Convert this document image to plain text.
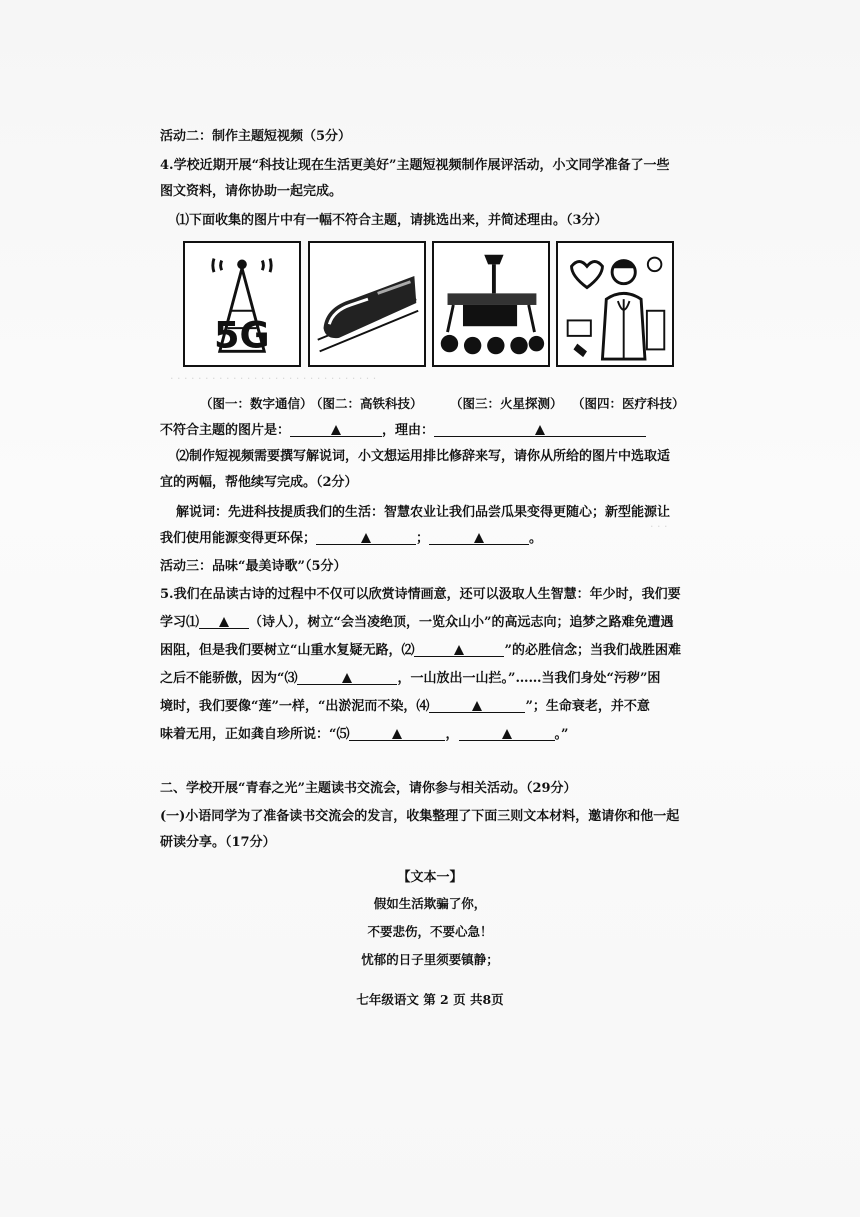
· · · · · · · · · · · · · · · · · · · · · · · · · · · · · ·
· · ·
活动二：制作主题短视频（5分）
4.学校近期开展“科技让现在生活更美好”主题短视频制作展评活动，小文同学准备了一些
图文资料，请你协助一起完成。
⑴下面收集的图片中有一幅不符合主题，请挑选出来，并简述理由。（3分）
5G
（图一：数字通信）
（图二：高铁科技） （图三：火星探测） （图四：医疗科技）
不符合主题的图片是：	，理由：
⑵制作短视频需要撰写解说词，小文想运用排比修辞来写，请你从所给的图片中选取适
宜的两幅，帮他续写完成。（2分）
解说词：先进科技提质我们的生活：智慧农业让我们品尝瓜果变得更随心；新型能源让
我们使用能源变得更环保；	；	。
活动三：品味“最美诗歌”（5分）
5.我们在品读古诗的过程中不仅可以欣赏诗情画意，还可以汲取人生智慧：年少时，我们要
学习⑴	（诗人），树立“会当凌绝顶，一览众山小”的高远志向；追梦之路难免遭遇
困阻，但是我们要树立“山重水复疑无路，⑵	”的必胜信念；当我们战胜困难
之后不能骄傲，因为“⑶	，一山放出一山拦。”……当我们身处“污秽”困
境时，我们要像“莲”一样，“出淤泥而不染，⑷	”；生命衰老，并不意
味着无用，正如龚自珍所说：“⑸	，	。”
二、学校开展“青春之光”主题读书交流会，请你参与相关活动。（29分）
(一)小语同学为了准备读书交流会的发言，收集整理了下面三则文本材料，邀请你和他一起
研读分享。（17分）
【文本一】
假如生活欺骗了你，
不要悲伤，不要心急！
忧郁的日子里须要镇静；
七年级语文 第 2 页 共8页
